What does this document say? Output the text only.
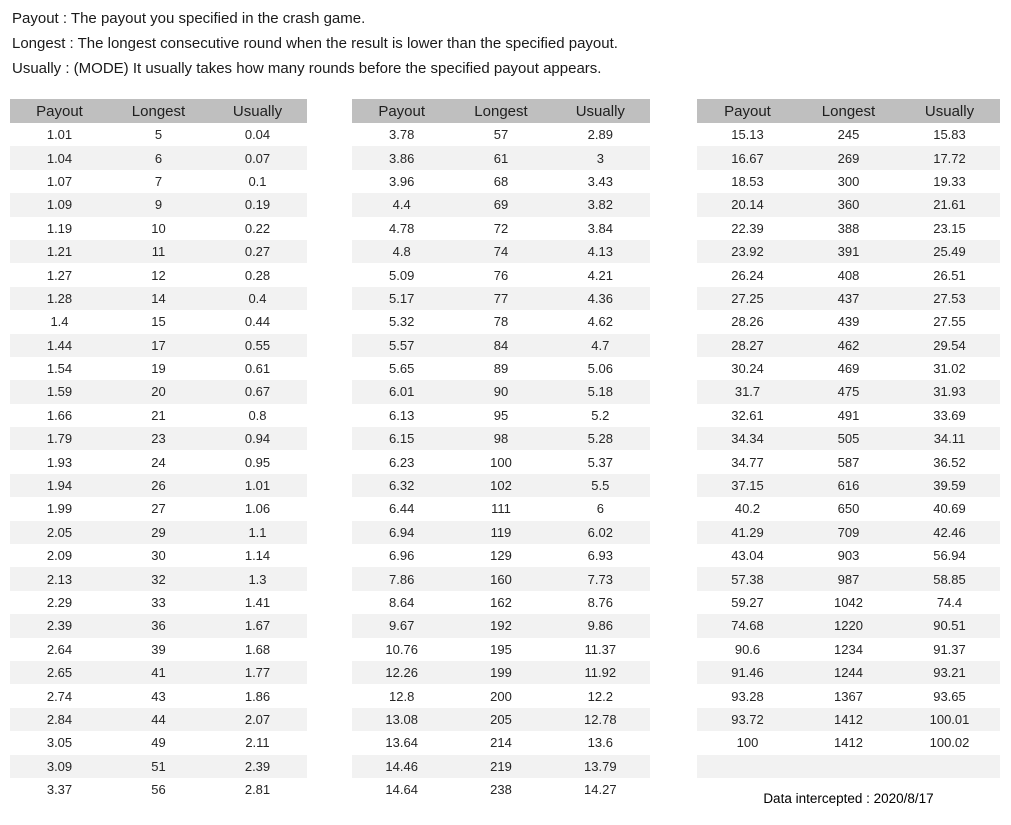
Payout : The payout you specified in the crash game.
Longest : The longest consecutive round when the result is lower than the specified payout.
Usually : (MODE) It usually takes how many rounds before the specified payout appears.
Payout	Longest	Usually
1.01	5	0.04
1.04	6	0.07
1.07	7	0.1
1.09	9	0.19
1.19	10	0.22
1.21	11	0.27
1.27	12	0.28
1.28	14	0.4
1.4	15	0.44
1.44	17	0.55
1.54	19	0.61
1.59	20	0.67
1.66	21	0.8
1.79	23	0.94
1.93	24	0.95
1.94	26	1.01
1.99	27	1.06
2.05	29	1.1
2.09	30	1.14
2.13	32	1.3
2.29	33	1.41
2.39	36	1.67
2.64	39	1.68
2.65	41	1.77
2.74	43	1.86
2.84	44	2.07
3.05	49	2.11
3.09	51	2.39
3.37	56	2.81
Payout	Longest	Usually
3.78	57	2.89
3.86	61	3
3.96	68	3.43
4.4	69	3.82
4.78	72	3.84
4.8	74	4.13
5.09	76	4.21
5.17	77	4.36
5.32	78	4.62
5.57	84	4.7
5.65	89	5.06
6.01	90	5.18
6.13	95	5.2
6.15	98	5.28
6.23	100	5.37
6.32	102	5.5
6.44	111	6
6.94	119	6.02
6.96	129	6.93
7.86	160	7.73
8.64	162	8.76
9.67	192	9.86
10.76	195	11.37
12.26	199	11.92
12.8	200	12.2
13.08	205	12.78
13.64	214	13.6
14.46	219	13.79
14.64	238	14.27
Payout	Longest	Usually
15.13	245	15.83
16.67	269	17.72
18.53	300	19.33
20.14	360	21.61
22.39	388	23.15
23.92	391	25.49
26.24	408	26.51
27.25	437	27.53
28.26	439	27.55
28.27	462	29.54
30.24	469	31.02
31.7	475	31.93
32.61	491	33.69
34.34	505	34.11
34.77	587	36.52
37.15	616	39.59
40.2	650	40.69
41.29	709	42.46
43.04	903	56.94
57.38	987	58.85
59.27	1042	74.4
74.68	1220	90.51
90.6	1234	91.37
91.46	1244	93.21
93.28	1367	93.65
93.72	1412	100.01
100	1412	100.02
Data intercepted : 2020/8/17
